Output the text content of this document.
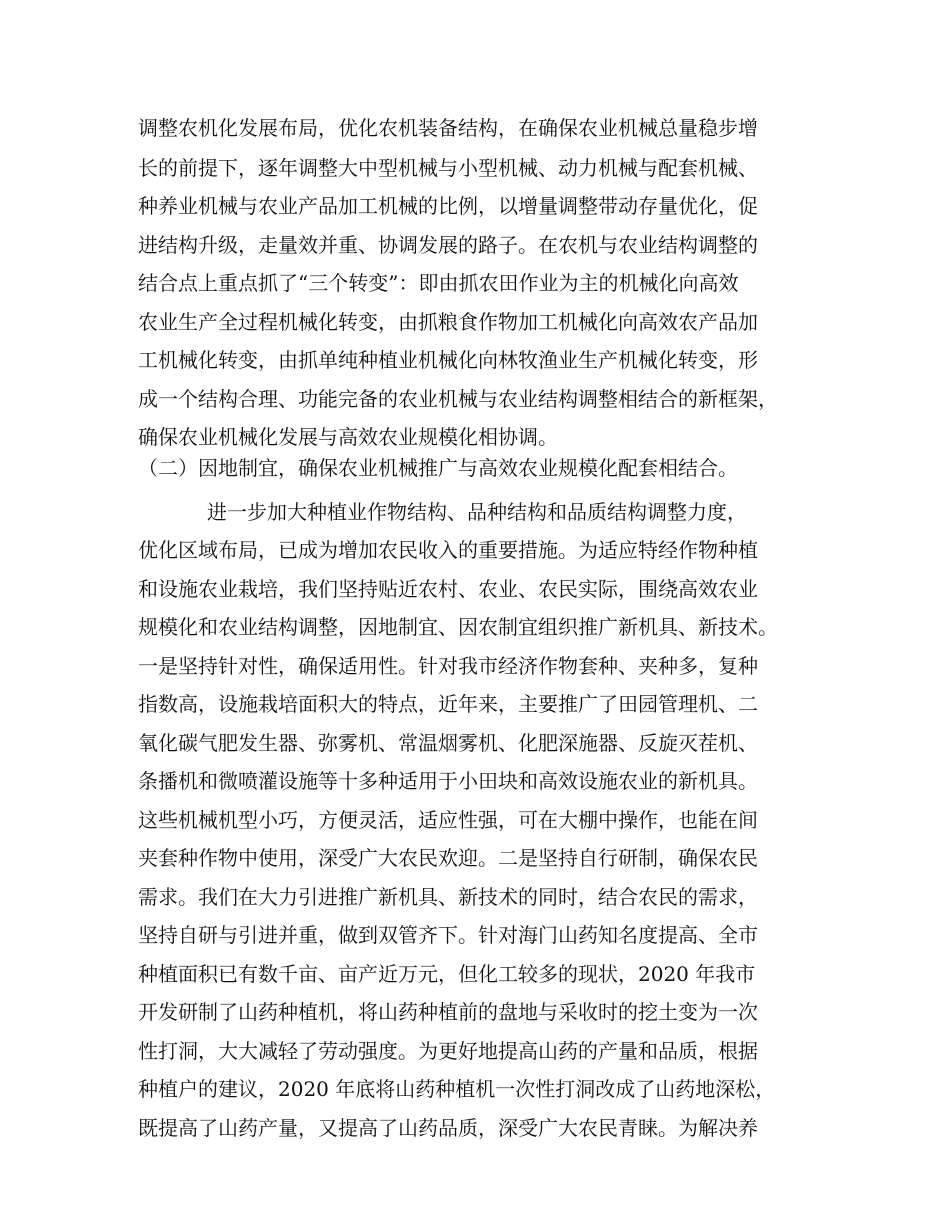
调整农机化发展布局，优化农机装备结构，在确保农业机械总量稳步增
长的前提下，逐年调整大中型机械与小型机械、动力机械与配套机械、
种养业机械与农业产品加工机械的比例，以增量调整带动存量优化，促
进结构升级，走量效并重、协调发展的路子。在农机与农业结构调整的
结合点上重点抓了“三个转变”：即由抓农田作业为主的机械化向高效
农业生产全过程机械化转变，由抓粮食作物加工机械化向高效农产品加
工机械化转变，由抓单纯种植业机械化向林牧渔业生产机械化转变，形
成一个结构合理、功能完备的农业机械与农业结构调整相结合的新框架，
确保农业机械化发展与高效农业规模化相协调。
（二）因地制宜，确保农业机械推广与高效农业规模化配套相结合。
进一步加大种植业作物结构、品种结构和品质结构调整力度，
优化区域布局，已成为增加农民收入的重要措施。为适应特经作物种植
和设施农业栽培，我们坚持贴近农村、农业、农民实际，围绕高效农业
规模化和农业结构调整，因地制宜、因农制宜组织推广新机具、新技术。
一是坚持针对性，确保适用性。针对我市经济作物套种、夹种多，复种
指数高，设施栽培面积大的特点，近年来，主要推广了田园管理机、二
氧化碳气肥发生器、弥雾机、常温烟雾机、化肥深施器、反旋灭茬机、
条播机和微喷灌设施等十多种适用于小田块和高效设施农业的新机具。
这些机械机型小巧，方便灵活，适应性强，可在大棚中操作，也能在间
夹套种作物中使用，深受广大农民欢迎。二是坚持自行研制，确保农民
需求。我们在大力引进推广新机具、新技术的同时，结合农民的需求，
坚持自研与引进并重，做到双管齐下。针对海门山药知名度提高、全市
种植面积已有数千亩、亩产近万元，但化工较多的现状，2020 年我市
开发研制了山药种植机，将山药种植前的盘地与采收时的挖土变为一次
性打洞，大大减轻了劳动强度。为更好地提高山药的产量和品质，根据
种植户的建议，2020 年底将山药种植机一次性打洞改成了山药地深松，
既提高了山药产量，又提高了山药品质，深受广大农民青睐。为解决养
